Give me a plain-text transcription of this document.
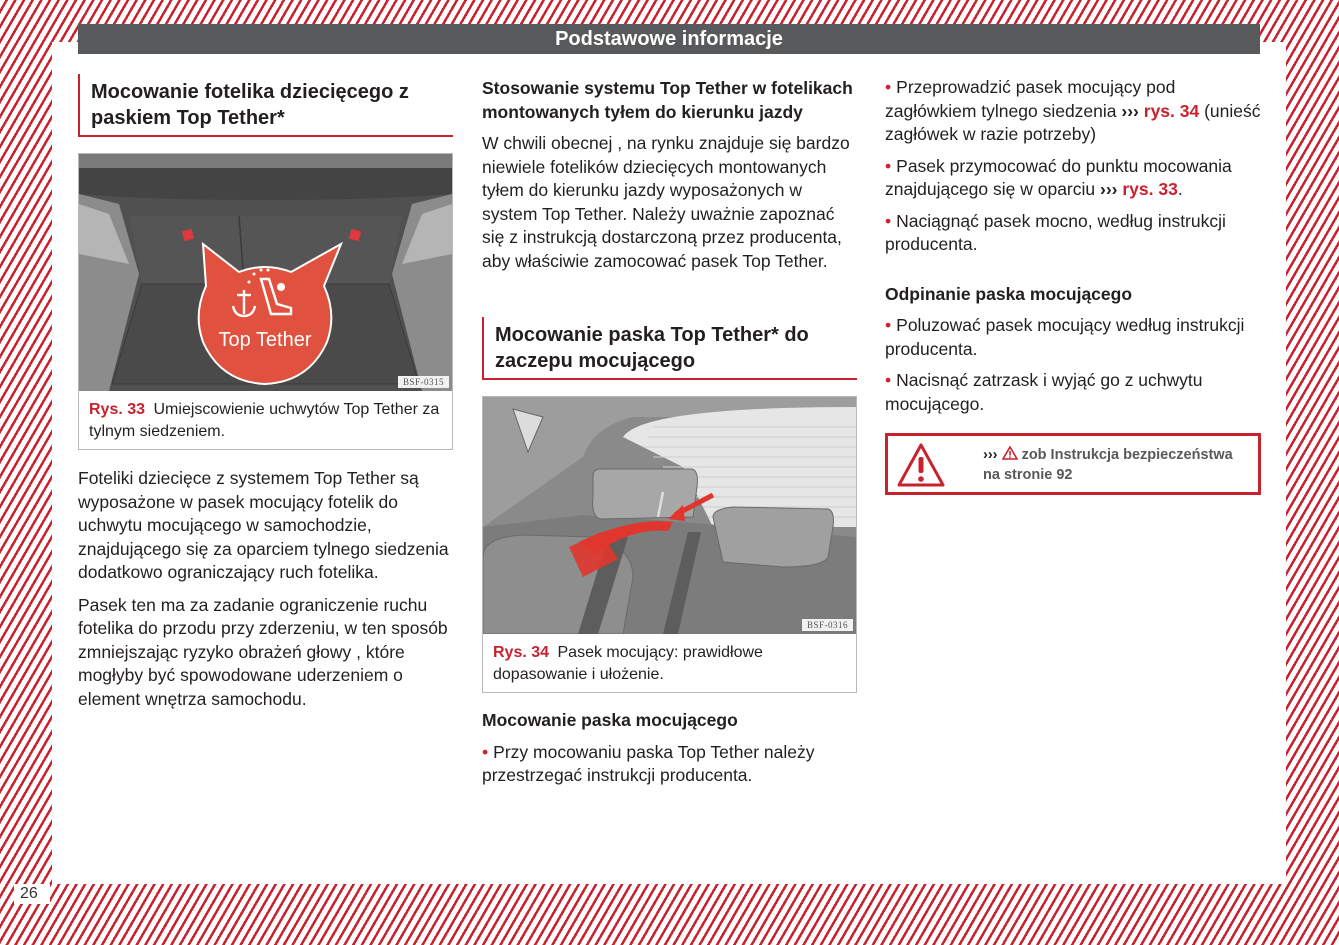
Podstawowe informacje
26
Mocowanie fotelika dziecięcego z paskiem Top Tether*
Top Tether
BSF-0315
Rys. 33 Umiejscowienie uchwytów Top Tether za tylnym siedzeniem.

Foteliki dziecięce z systemem Top Tether są wyposażone w pasek mocujący fotelik do uchwytu mocującego w samochodzie, znajdującego się za oparciem tylnego siedzenia dodatkowo ograniczający ruch fotelika.

Pasek ten ma za zadanie ograniczenie ruchu fotelika do przodu przy zderzeniu, w ten sposób zmniejszając ryzyko obrażeń głowy , które mogłyby być spowodowane uderzeniem o element wnętrza samochodu.

Stosowanie systemu Top Tether w fotelikach montowanych tyłem do kierunku jazdy

W chwili obecnej , na rynku znajduje się bardzo niewiele fotelików dziecięcych montowanych tyłem do kierunku jazdy wyposażonych w system Top Tether. Należy uważnie zapoznać się z instrukcją dostarczoną przez producenta, aby właściwie zamocować pasek Top Tether.

Mocowanie paska Top Tether* do zaczepu mocującego
BSF-0316
Rys. 34 Pasek mocujący: prawidłowe dopasowanie i ułożenie.
Mocowanie paska mocującego

• Przy mocowaniu paska Top Tether należy przestrzegać instrukcji producenta.

• Przeprowadzić pasek mocujący pod zagłówkiem tylnego siedzenia ››› rys. 34 (unieść zagłówek w razie potrzeby)

• Pasek przymocować do punktu mocowania znajdującego się w oparciu ››› rys. 33.

• Naciągnąć pasek mocno, według instrukcji producenta.

Odpinanie paska mocującego

• Poluzować pasek mocujący według instrukcji producenta.

• Nacisnąć zatrzask i wyjąć go z uchwytu mocującego.

››› zob Instrukcja bezpieczeństwa
na stronie 92
